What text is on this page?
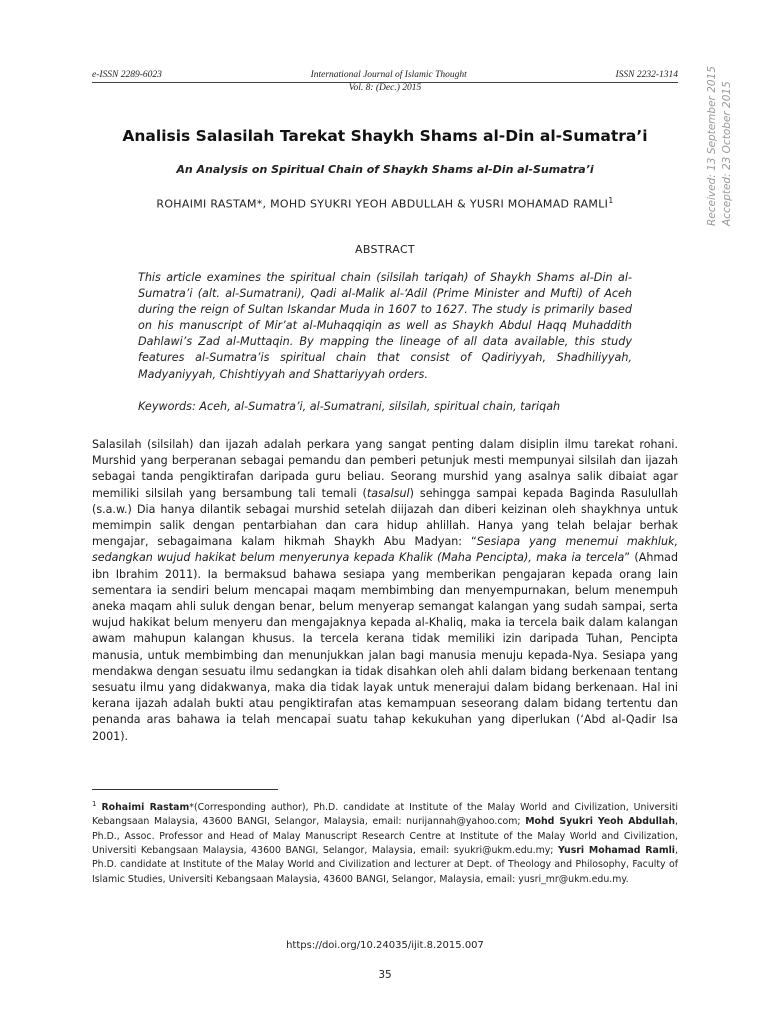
e-ISSN 2289-6023	International Journal of Islamic Thought	ISSN 2232-1314
Vol. 8: (Dec.) 2015	Received: 13 September 2015 Accepted: 23 October 2015
Analisis Salasilah Tarekat Shaykh Shams al-Din al-Sumatra’i
An Analysis on Spiritual Chain of Shaykh Shams al-Din al-Sumatra’i
ROHAIMI RASTAM*, MOHD SYUKRI YEOH ABDULLAH & YUSRI MOHAMAD RAMLI$^1$
ABSTRACT

This article examines the spiritual chain (silsilah tariqah) of Shaykh Shams al-Din al-Sumatra’i (alt. al-Sumatrani), Qadi al-Malik al-‘Adil (Prime Minister and Mufti) of Aceh during the reign of Sultan Iskandar Muda in 1607 to 1627. The study is primarily based on his manuscript of Mir’at al-Muhaqqiqin as well as Shaykh Abdul Haqq Muhaddith Dahlawi’s Zad al-Muttaqin. By mapping the lineage of all data available, this study features al-Sumatra’is spiritual chain that consist of Qadiriyyah, Shadhiliyyah, Madyaniyyah, Chishtiyyah and Shattariyyah orders.

Keywords: Aceh, al-Sumatra’i, al-Sumatrani, silsilah, spiritual chain, tariqah

Salasilah (silsilah) dan ijazah adalah perkara yang sangat penting dalam disiplin ilmu tarekat rohani. Murshid yang berperanan sebagai pemandu dan pemberi petunjuk mesti mempunyai silsilah dan ijazah sebagai tanda pengiktirafan daripada guru beliau. Seorang murshid yang asalnya salik dibaiat agar memiliki silsilah yang bersambung tali temali (tasalsul) sehingga sampai kepada Baginda Rasulullah (s.a.w.) Dia hanya dilantik sebagai murshid setelah diijazah dan diberi keizinan oleh shaykhnya untuk memimpin salik dengan pentarbiahan dan cara hidup ahlillah. Hanya yang telah belajar berhak mengajar, sebagaimana kalam hikmah Shaykh Abu Madyan: “Sesiapa yang menemui makhluk, sedangkan wujud hakikat belum menyerunya kepada Khalik (Maha Pencipta), maka ia tercela” (Ahmad ibn Ibrahim 2011). Ia bermaksud bahawa sesiapa yang memberikan pengajaran kepada orang lain sementara ia sendiri belum mencapai maqam membimbing dan menyempurnakan, belum menempuh aneka maqam ahli suluk dengan benar, belum menyerap semangat kalangan yang sudah sampai, serta wujud hakikat belum menyeru dan mengajaknya kepada al-Khaliq, maka ia tercela baik dalam kalangan awam mahupun kalangan khusus. Ia tercela kerana tidak memiliki izin daripada Tuhan, Pencipta manusia, untuk membimbing dan menunjukkan jalan bagi manusia menuju kepada-Nya. Sesiapa yang mendakwa dengan sesuatu ilmu sedangkan ia tidak disahkan oleh ahli dalam bidang berkenaan tentang sesuatu ilmu yang didakwanya, maka dia tidak layak untuk menerajui dalam bidang berkenaan. Hal ini kerana ijazah adalah bukti atau pengiktirafan atas kemampuan seseorang dalam bidang tertentu dan penanda aras bahawa ia telah mencapai suatu tahap kekukuhan yang diperlukan (‘Abd al-Qadir Isa 2001).

$^1$ Rohaimi Rastam*(Corresponding author), Ph.D. candidate at Institute of the Malay World and Civilization, Universiti Kebangsaan Malaysia, 43600 BANGI, Selangor, Malaysia, email: nurijannah@yahoo.com; Mohd Syukri Yeoh Abdullah, Ph.D., Assoc. Professor and Head of Malay Manuscript Research Centre at Institute of the Malay World and Civilization, Universiti Kebangsaan Malaysia, 43600 BANGI, Selangor, Malaysia, email: syukri@ukm.edu.my; Yusri Mohamad Ramli, Ph.D. candidate at Institute of the Malay World and Civilization and lecturer at Dept. of Theology and Philosophy, Faculty of Islamic Studies, Universiti Kebangsaan Malaysia, 43600 BANGI, Selangor, Malaysia, email: yusri_mr@ukm.edu.my.

https://doi.org/10.24035/ijit.8.2015.007
35
